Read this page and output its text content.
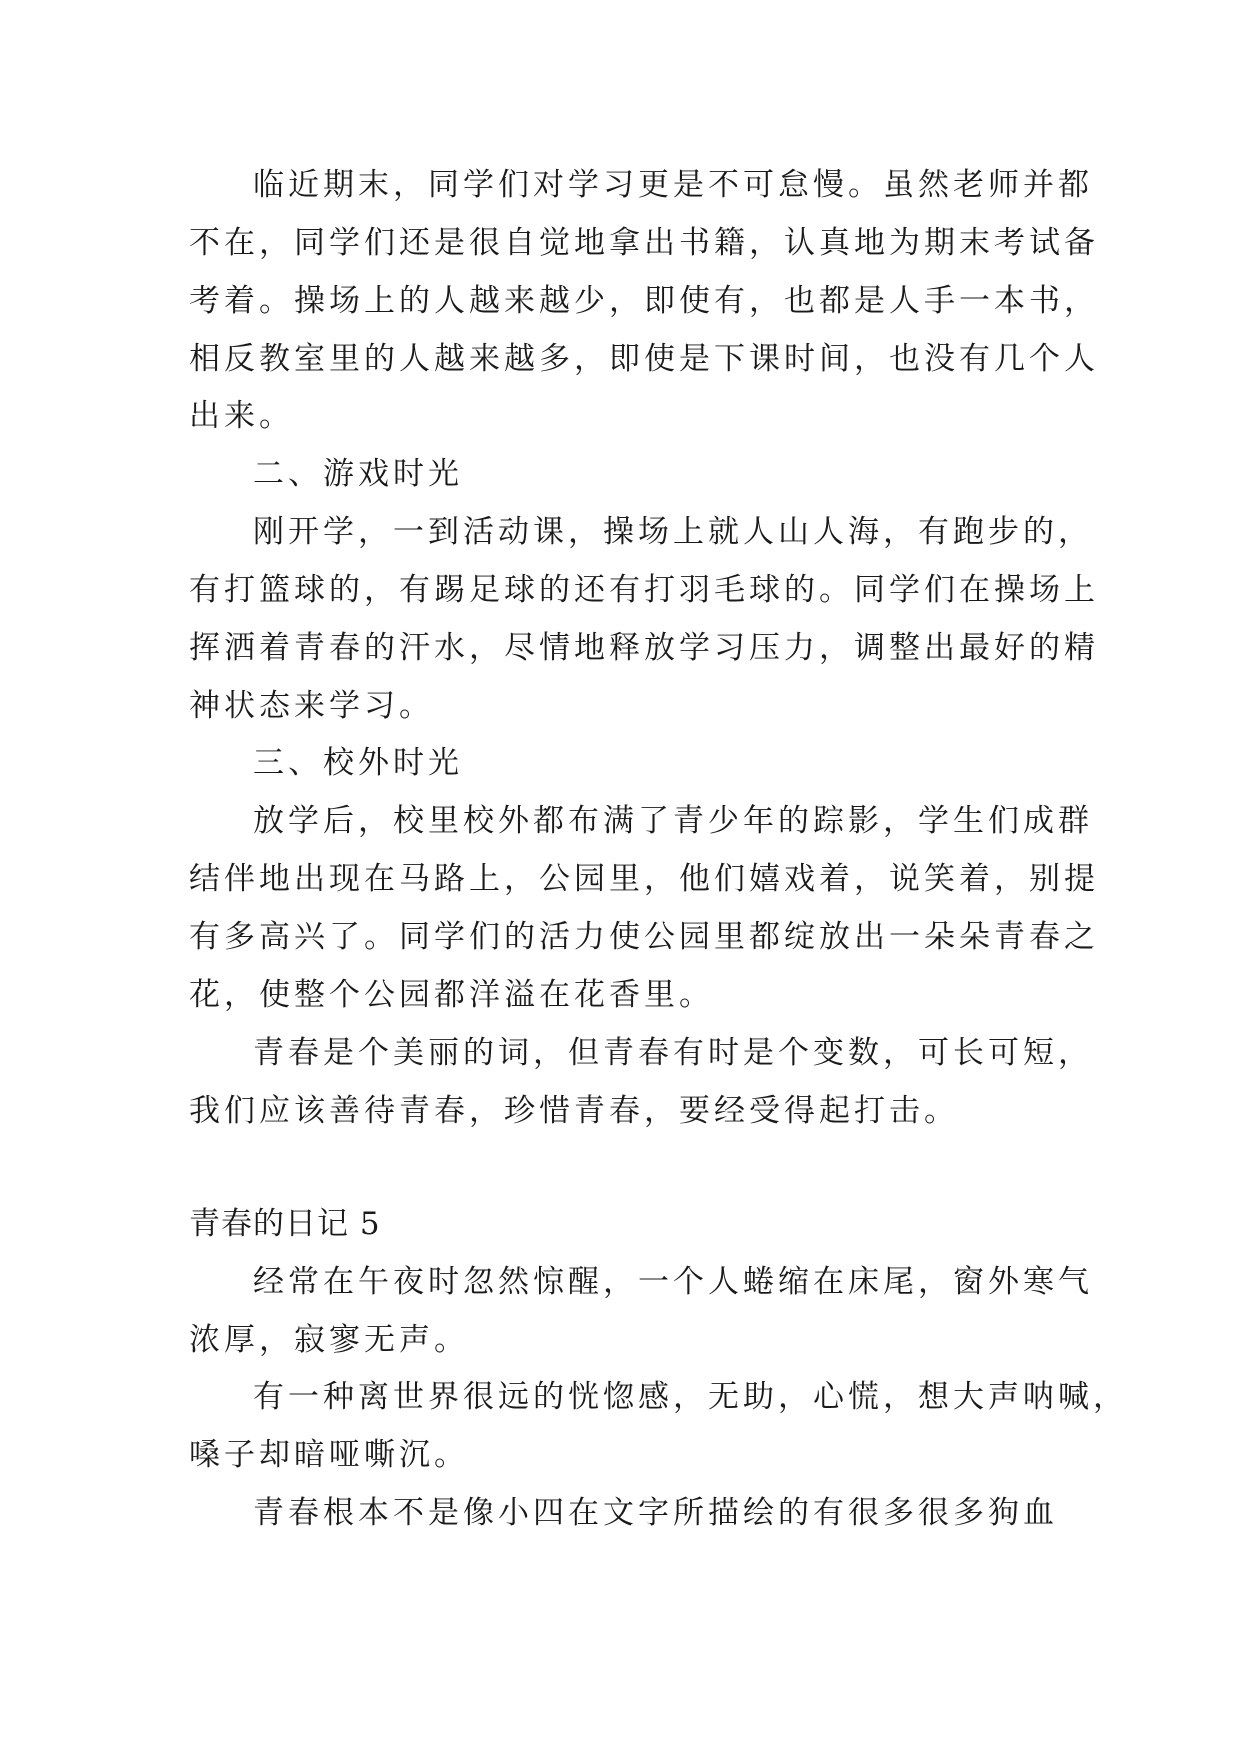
临近期末，同学们对学习更是不可怠慢。虽然老师并都
不在，同学们还是很自觉地拿出书籍，认真地为期末考试备
考着。操场上的人越来越少，即使有，也都是人手一本书，
相反教室里的人越来越多，即使是下课时间，也没有几个人
出来。
二、游戏时光
刚开学，一到活动课，操场上就人山人海，有跑步的，
有打篮球的，有踢足球的还有打羽毛球的。同学们在操场上
挥洒着青春的汗水，尽情地释放学习压力，调整出最好的精
神状态来学习。
三、校外时光
放学后，校里校外都布满了青少年的踪影，学生们成群
结伴地出现在马路上，公园里，他们嬉戏着，说笑着，别提
有多高兴了。同学们的活力使公园里都绽放出一朵朵青春之
花，使整个公园都洋溢在花香里。
青春是个美丽的词，但青春有时是个变数，可长可短，
我们应该善待青春，珍惜青春，要经受得起打击。
青春的日记 5
经常在午夜时忽然惊醒，一个人蜷缩在床尾，窗外寒气
浓厚，寂寥无声。
有一种离世界很远的恍惚感，无助，心慌，想大声呐喊，
嗓子却暗哑嘶沉。
青春根本不是像小四在文字所描绘的有很多很多狗血
